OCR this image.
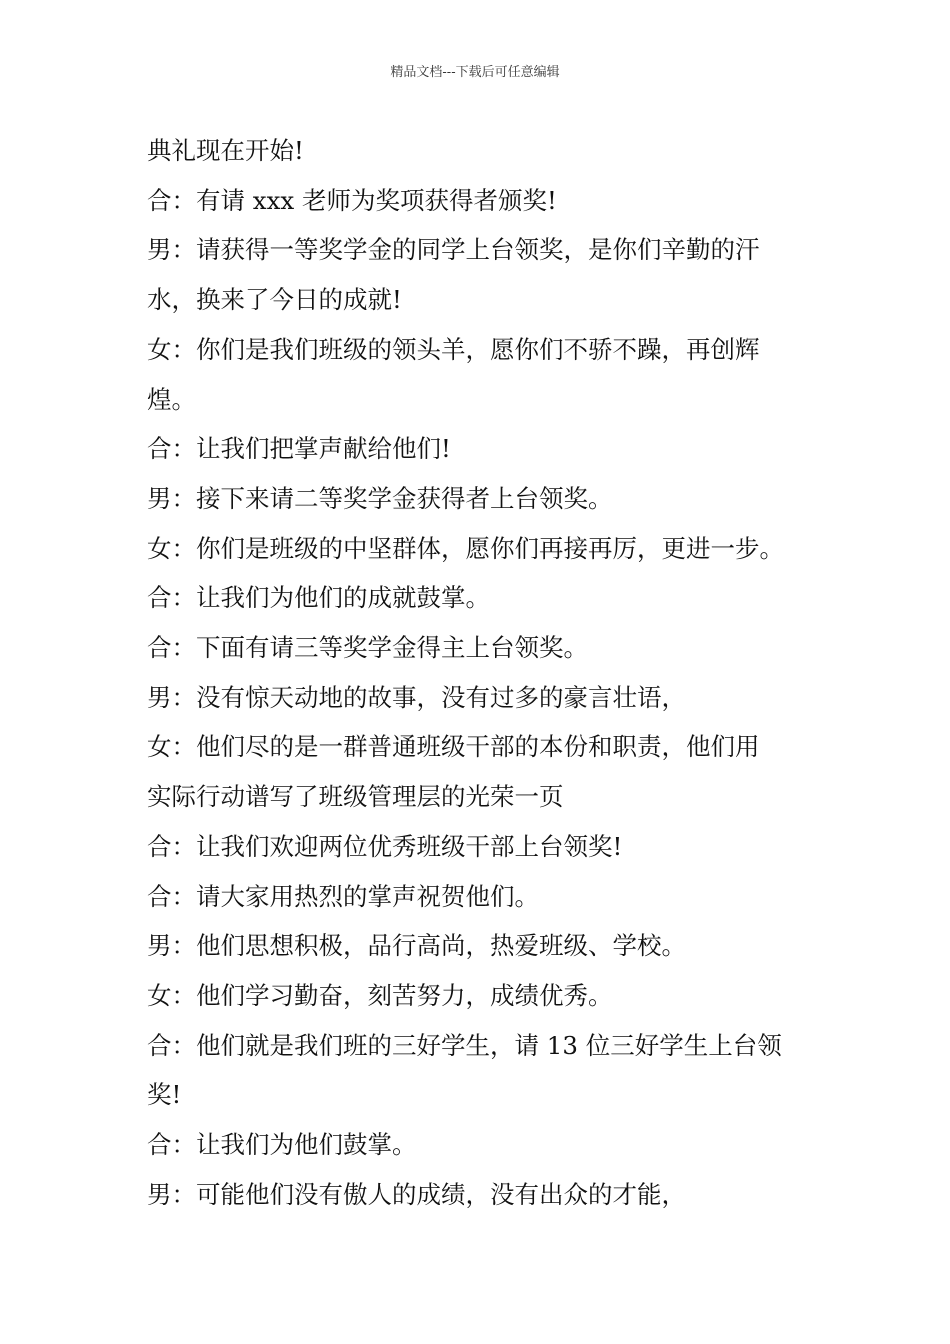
精品文档---下载后可任意编辑
典礼现在开始!
合：有请 xxx 老师为奖项获得者颁奖!
男：请获得一等奖学金的同学上台领奖，是你们辛勤的汗
水，换来了今日的成就!
女：你们是我们班级的领头羊，愿你们不骄不躁，再创辉
煌。
合：让我们把掌声献给他们!
男：接下来请二等奖学金获得者上台领奖。
女：你们是班级的中坚群体，愿你们再接再厉，更进一步。
合：让我们为他们的成就鼓掌。
合：下面有请三等奖学金得主上台领奖。
男：没有惊天动地的故事，没有过多的豪言壮语，
女：他们尽的是一群普通班级干部的本份和职责，他们用
实际行动谱写了班级管理层的光荣一页
合：让我们欢迎两位优秀班级干部上台领奖!
合：请大家用热烈的掌声祝贺他们。
男：他们思想积极，品行高尚，热爱班级、学校。
女：他们学习勤奋，刻苦努力，成绩优秀。
合：他们就是我们班的三好学生，请 13 位三好学生上台领
奖!
合：让我们为他们鼓掌。
男：可能他们没有傲人的成绩，没有出众的才能，
